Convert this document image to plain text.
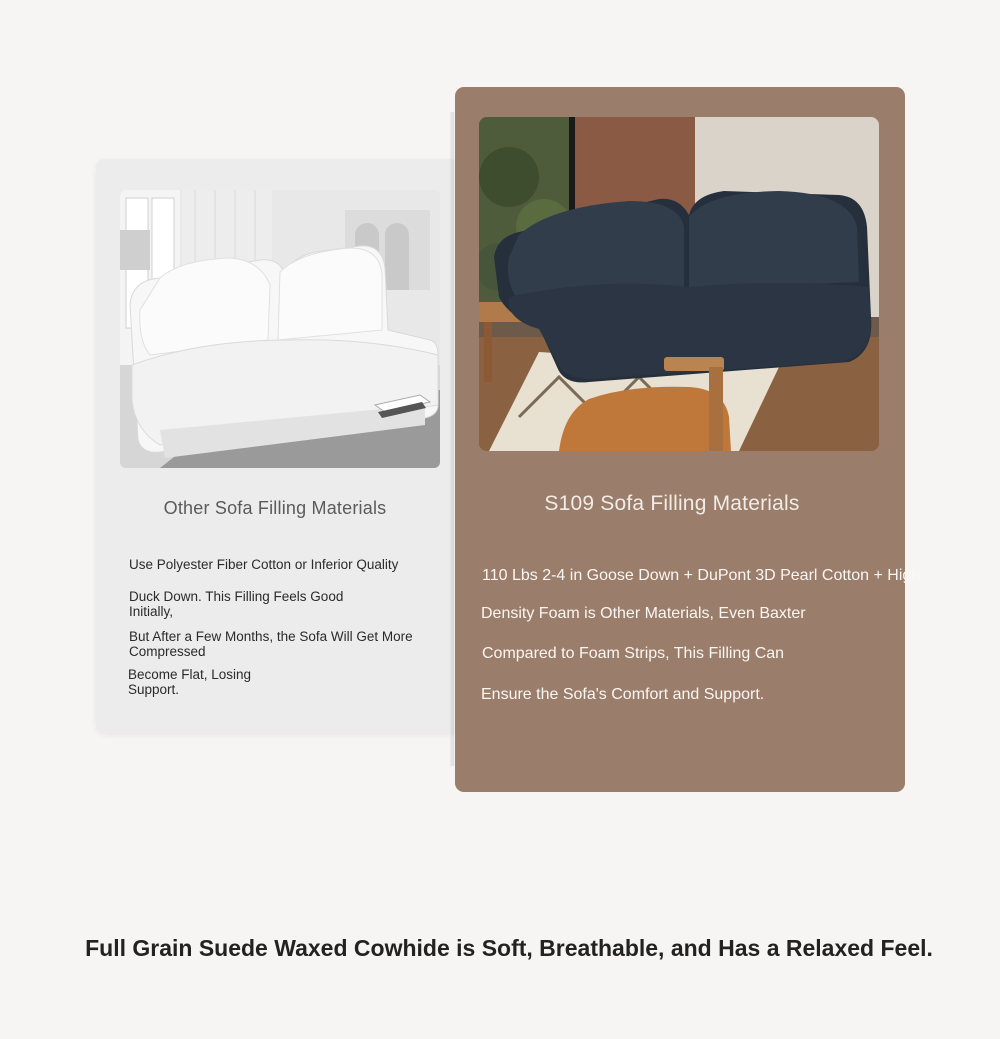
Other Sofa Filling Materials
Use Polyester Fiber Cotton or Inferior Quality
Duck Down. This Filling Feels Good Initially,
But After a Few Months, the Sofa Will Get More Compressed
Become Flat, Losing Support.
S109 Sofa Filling Materials
110 Lbs 2-4 in Goose Down + DuPont 3D Pearl Cotton + High
Density Foam is Other Materials, Even Baxter
Compared to Foam Strips, This Filling Can
Ensure the Sofa's Comfort and Support.
Full Grain Suede Waxed Cowhide is Soft, Breathable, and Has a Relaxed Feel.
